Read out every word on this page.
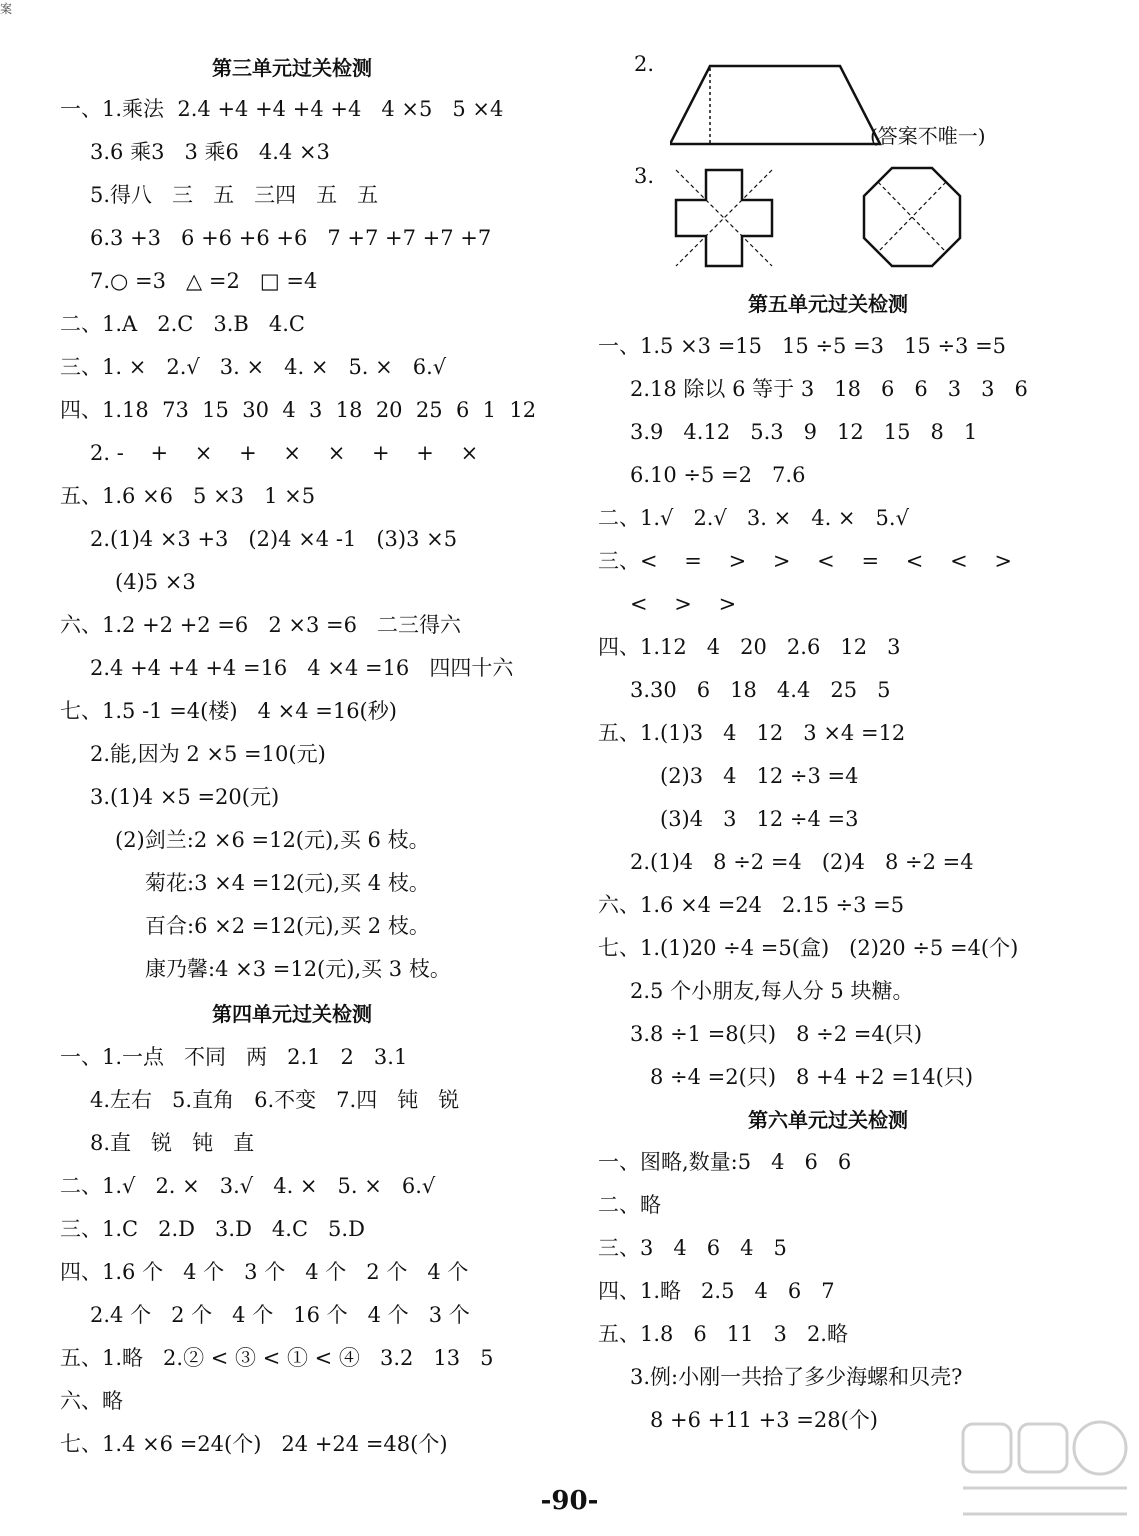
案
第三单元过关检测
一、1.乘法  2.4 +4 +4 +4 +4   4 ×5   5 ×4
3.6 乘3   3 乘6   4.4 ×3
5.得八   三   五   三四   五   五
6.3 +3   6 +6 +6 +6   7 +7 +7 +7 +7
7.○ =3   △ =2   □ =4
二、1.A   2.C   3.B   4.C
三、1. ×   2.√   3. ×   4. ×   5. ×   6.√
四、1.18  73  15  30  4  3  18  20  25  6  1  12
2. -    +    ×    +    ×    ×    +    +    ×
五、1.6 ×6   5 ×3   1 ×5
2.(1)4 ×3 +3   (2)4 ×4 -1   (3)3 ×5
(4)5 ×3
六、1.2 +2 +2 =6   2 ×3 =6   二三得六
2.4 +4 +4 +4 =16   4 ×4 =16   四四十六
七、1.5 -1 =4(楼)   4 ×4 =16(秒)
2.能,因为 2 ×5 =10(元)
3.(1)4 ×5 =20(元)
(2)剑兰:2 ×6 =12(元),买 6 枝。
菊花:3 ×4 =12(元),买 4 枝。
百合:6 ×2 =12(元),买 2 枝。
康乃馨:4 ×3 =12(元),买 3 枝。
第四单元过关检测
一、1.一点   不同   两   2.1   2   3.1
4.左右   5.直角   6.不变   7.四   钝   锐
8.直   锐   钝   直
二、1.√   2. ×   3.√   4. ×   5. ×   6.√
三、1.C   2.D   3.D   4.C   5.D
四、1.6 个   4 个   3 个   4 个   2 个   4 个
2.4 个   2 个   4 个   16 个   4 个   3 个
五、1.略   2.② < ③ < ① < ④   3.2   13   5
六、略
七、1.4 ×6 =24(个)   24 +24 =48(个)
2.
(答案不唯一)
3.
第五单元过关检测
一、1.5 ×3 =15   15 ÷5 =3   15 ÷3 =5
2.18 除以 6 等于 3   18   6   6   3   3   6
3.9   4.12   5.3   9   12   15   8   1
6.10 ÷5 =2   7.6
二、1.√   2.√   3. ×   4. ×   5.√
三、<    =    >    >    <    =    <    <    >
<    >    >
四、1.12   4   20   2.6   12   3
3.30   6   18   4.4   25   5
五、1.(1)3   4   12   3 ×4 =12
(2)3   4   12 ÷3 =4
(3)4   3   12 ÷4 =3
2.(1)4   8 ÷2 =4   (2)4   8 ÷2 =4
六、1.6 ×4 =24   2.15 ÷3 =5
七、1.(1)20 ÷4 =5(盒)   (2)20 ÷5 =4(个)
2.5 个小朋友,每人分 5 块糖。
3.8 ÷1 =8(只)   8 ÷2 =4(只)
8 ÷4 =2(只)   8 +4 +2 =14(只)
第六单元过关检测
一、图略,数量:5   4   6   6
二、略
三、3   4   6   4   5
四、1.略   2.5   4   6   7
五、1.8   6   11   3   2.略
3.例:小刚一共拾了多少海螺和贝壳?
8 +6 +11 +3 =28(个)
-90-
